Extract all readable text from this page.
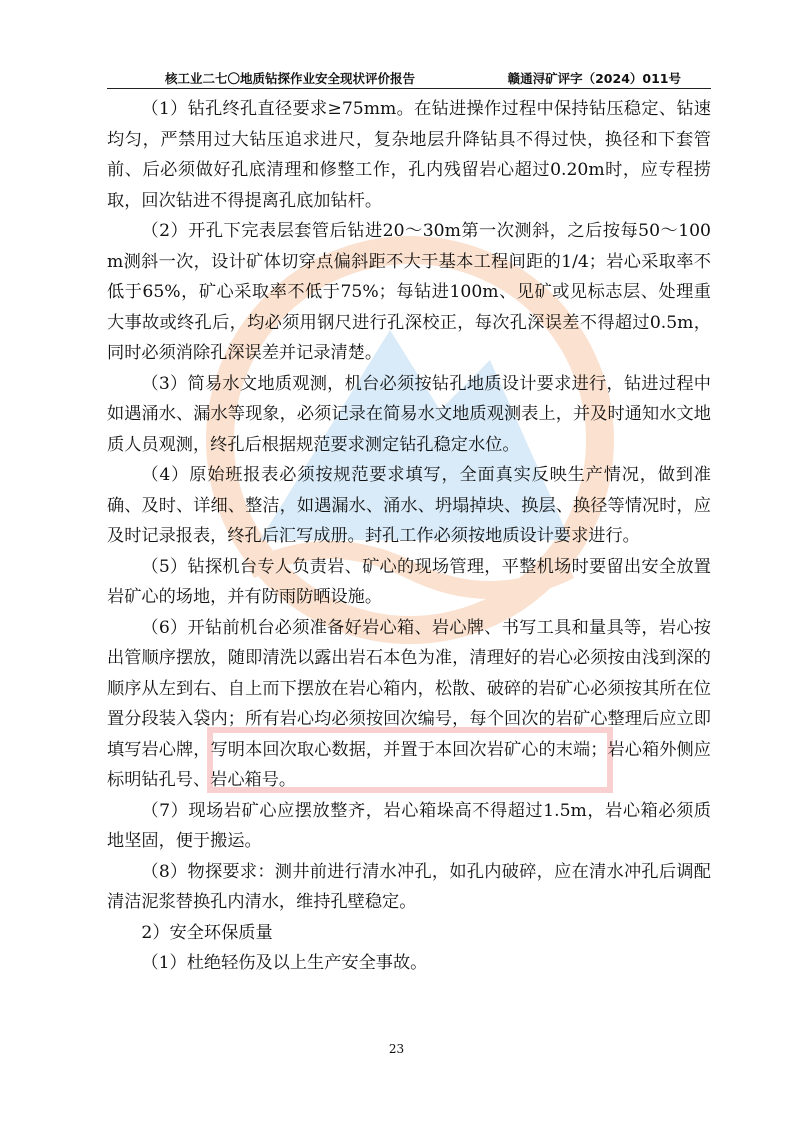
核工业二七〇地质钻探作业安全现状评价报告	赣通浔矿评字（2024）011号

（1）钻孔终孔直径要求≥75mm。在钻进操作过程中保持钻压稳定、钻速均匀，严禁用过大钻压追求进尺，复杂地层升降钻具不得过快，换径和下套管前、后必须做好孔底清理和修整工作，孔内残留岩心超过0.20m时，应专程捞取，回次钻进不得提离孔底加钻杆。

（2）开孔下完表层套管后钻进20～30m第一次测斜，之后按每50～100m测斜一次，设计矿体切穿点偏斜距不大于基本工程间距的1/4；岩心采取率不低于65%，矿心采取率不低于75%；每钻进100m、见矿或见标志层、处理重大事故或终孔后，均必须用钢尺进行孔深校正，每次孔深误差不得超过0.5m，同时必须消除孔深误差并记录清楚。

（3）简易水文地质观测，机台必须按钻孔地质设计要求进行，钻进过程中如遇涌水、漏水等现象，必须记录在简易水文地质观测表上，并及时通知水文地质人员观测，终孔后根据规范要求测定钻孔稳定水位。

（4）原始班报表必须按规范要求填写，全面真实反映生产情况，做到准确、及时、详细、整洁，如遇漏水、涌水、坍塌掉块、换层、换径等情况时，应及时记录报表，终孔后汇写成册。封孔工作必须按地质设计要求进行。

（5）钻探机台专人负责岩、矿心的现场管理，平整机场时要留出安全放置岩矿心的场地，并有防雨防晒设施。

（6）开钻前机台必须准备好岩心箱、岩心牌、书写工具和量具等，岩心按出管顺序摆放，随即清洗以露出岩石本色为准，清理好的岩心必须按由浅到深的顺序从左到右、自上而下摆放在岩心箱内，松散、破碎的岩矿心必须按其所在位置分段装入袋内；所有岩心均必须按回次编号，每个回次的岩矿心整理后应立即填写岩心牌，写明本回次取心数据，并置于本回次岩矿心的末端；岩心箱外侧应标明钻孔号、岩心箱号。

（7）现场岩矿心应摆放整齐，岩心箱垛高不得超过1.5m，岩心箱必须质地坚固，便于搬运。

（8）物探要求：测井前进行清水冲孔，如孔内破碎，应在清水冲孔后调配清洁泥浆替换孔内清水，维持孔壁稳定。

2）安全环保质量

（1）杜绝轻伤及以上生产安全事故。

23
